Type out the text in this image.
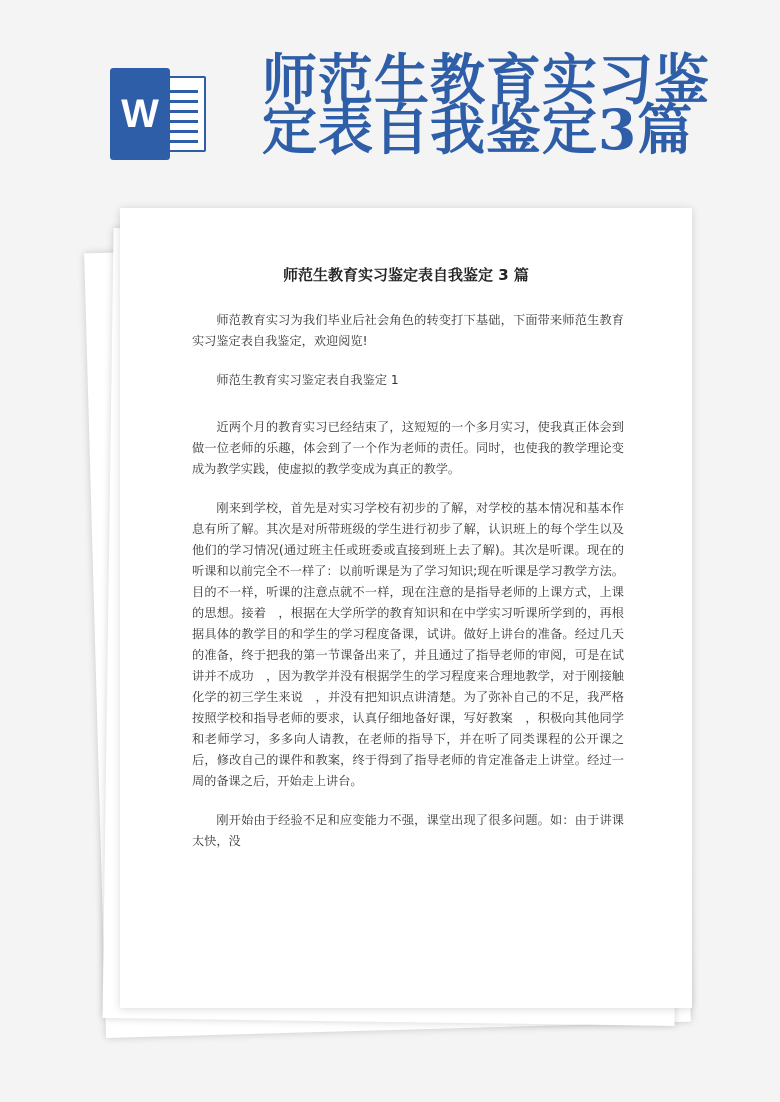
W
师范生教育实习鉴定表自我鉴定3篇
师范生教育实习鉴定表自我鉴定 3 篇

师范教育实习为我们毕业后社会角色的转变打下基础，下面带来师范生教育实习鉴定表自我鉴定，欢迎阅览!

师范生教育实习鉴定表自我鉴定 1

近两个月的教育实习已经结束了，这短短的一个多月实习，使我真正体会到做一位老师的乐趣，体会到了一个作为老师的责任。同时，也使我的教学理论变成为教学实践，使虚拟的教学变成为真正的教学。

刚来到学校，首先是对实习学校有初步的了解，对学校的基本情况和基本作息有所了解。其次是对所带班级的学生进行初步了解，认识班上的每个学生以及他们的学习情况(通过班主任或班委或直接到班上去了解)。其次是听课。现在的听课和以前完全不一样了：以前听课是为了学习知识;现在听课是学习教学方法。目的不一样，听课的注意点就不一样，现在注意的是指导老师的上课方式，上课的思想。接着　，根据在大学所学的教育知识和在中学实习听课所学到的，再根据具体的教学目的和学生的学习程度备课，试讲。做好上讲台的准备。经过几天的准备，终于把我的第一节课备出来了，并且通过了指导老师的审阅，可是在试讲并不成功　，因为教学并没有根据学生的学习程度来合理地教学，对于刚接触化学的初三学生来说　，并没有把知识点讲清楚。为了弥补自己的不足，我严格按照学校和指导老师的要求，认真仔细地备好课，写好教案　，积极向其他同学和老师学习，多多向人请教，在老师的指导下，并在听了同类课程的公开课之后，修改自己的课件和教案，终于得到了指导老师的肯定准备走上讲堂。经过一周的备课之后，开始走上讲台。

刚开始由于经验不足和应变能力不强，课堂出现了很多问题。如：由于讲课太快，没
